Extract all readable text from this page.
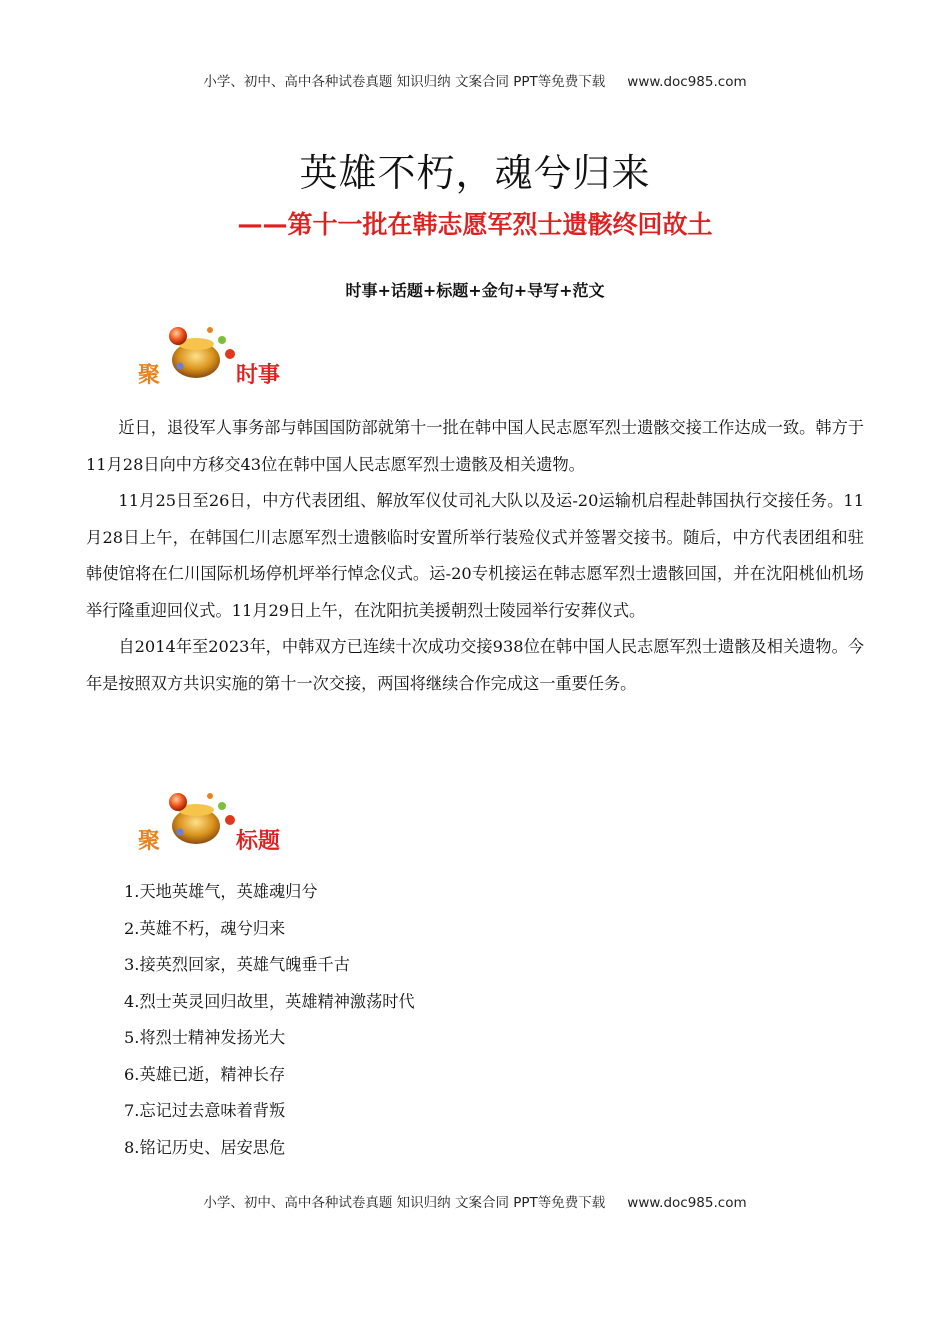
小学、初中、高中各种试卷真题 知识归纳 文案合同 PPT等免费下载 www.doc985.com
英雄不朽，魂兮归来
——第十一批在韩志愿军烈士遗骸终回故土
时事+话题+标题+金句+导写+范文
聚	时事

近日，退役军人事务部与韩国国防部就第十一批在韩中国人民志愿军烈士遗骸交接工作达成一致。韩方于11月28日向中方移交43位在韩中国人民志愿军烈士遗骸及相关遗物。

11月25日至26日，中方代表团组、解放军仪仗司礼大队以及运-20运输机启程赴韩国执行交接任务。11月28日上午，在韩国仁川志愿军烈士遗骸临时安置所举行装殓仪式并签署交接书。随后，中方代表团组和驻韩使馆将在仁川国际机场停机坪举行悼念仪式。运-20专机接运在韩志愿军烈士遗骸回国，并在沈阳桃仙机场举行隆重迎回仪式。11月29日上午，在沈阳抗美援朝烈士陵园举行安葬仪式。

自2014年至2023年，中韩双方已连续十次成功交接938位在韩中国人民志愿军烈士遗骸及相关遗物。今年是按照双方共识实施的第十一次交接，两国将继续合作完成这一重要任务。

聚	标题
1.天地英雄气，英雄魂归兮
2.英雄不朽，魂兮归来
3.接英烈回家，英雄气魄垂千古
4.烈士英灵回归故里，英雄精神激荡时代
5.将烈士精神发扬光大
6.英雄已逝，精神长存
7.忘记过去意味着背叛
8.铭记历史、居安思危
小学、初中、高中各种试卷真题 知识归纳 文案合同 PPT等免费下载 www.doc985.com
